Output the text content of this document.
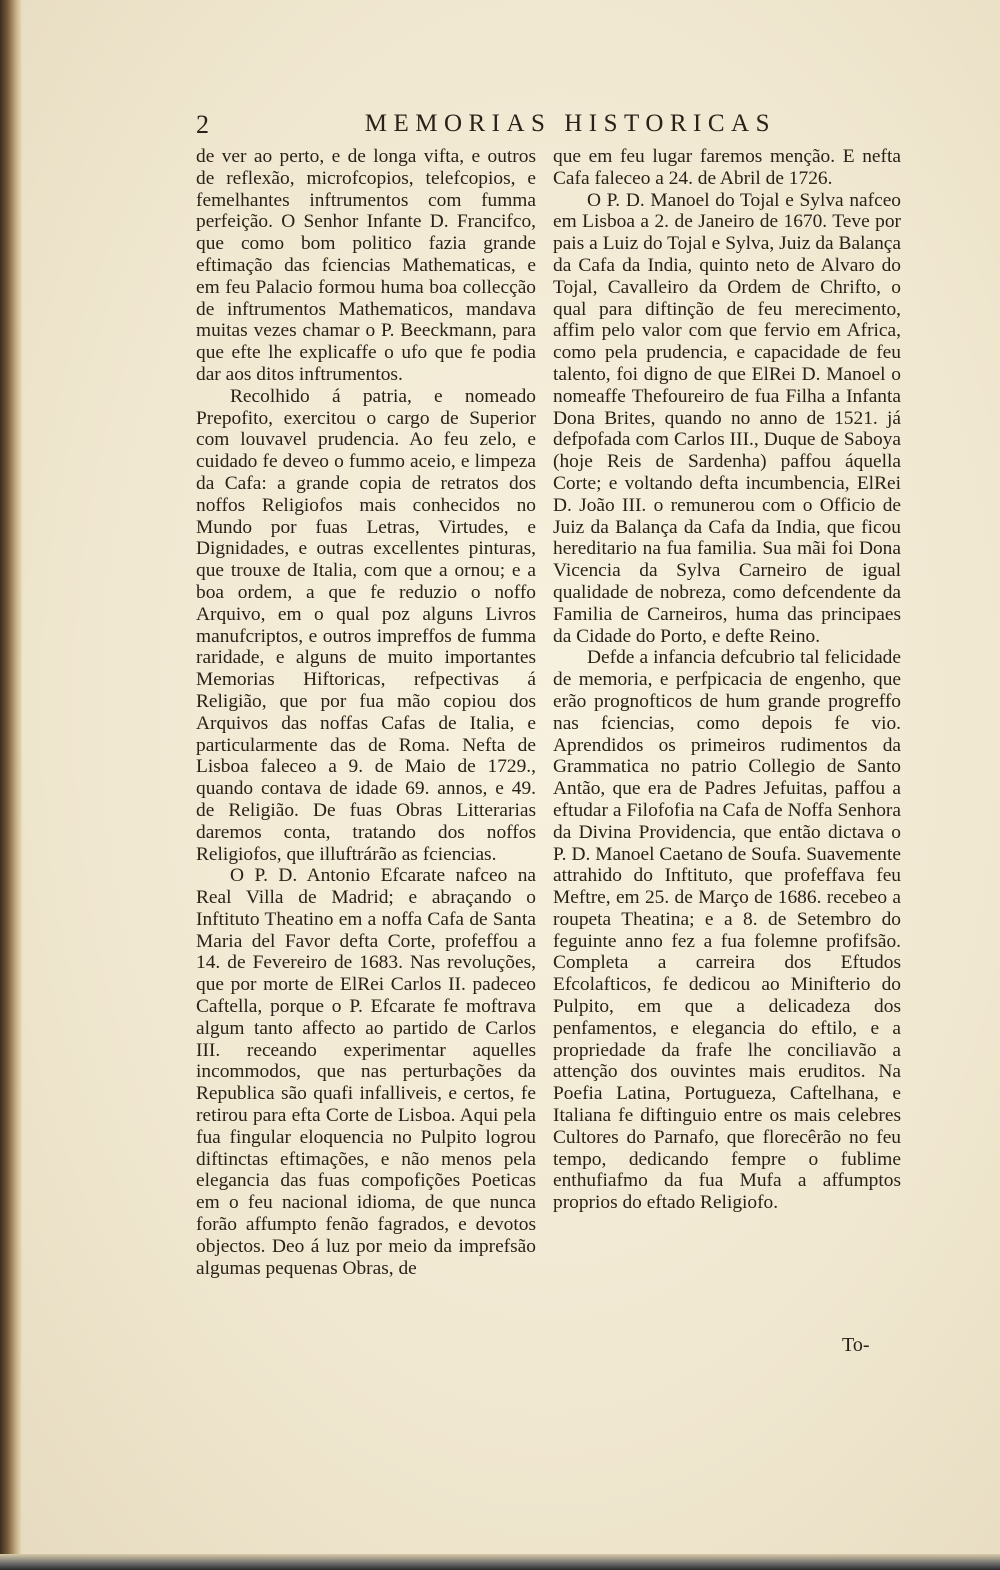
2	MEMORIAS HISTORICAS

de ver ao perto, e de longa vifta, e outros de reflexão, microfcopios, telefcopios, e femelhantes inftrumentos com fumma perfeição. O Senhor Infante D. Francifco, que como bom politico fazia grande eftimação das fciencias Mathematicas, e em feu Palacio formou huma boa collecção de inftrumentos Mathematicos, mandava muitas vezes chamar o P. Beeckmann, para que efte lhe explicaffe o ufo que fe podia dar aos ditos inftrumentos.

Recolhido á patria, e nomeado Prepofito, exercitou o cargo de Superior com louvavel prudencia. Ao feu zelo, e cuidado fe deveo o fummo aceio, e limpeza da Cafa: a grande copia de retratos dos noffos Religiofos mais conhecidos no Mundo por fuas Letras, Virtudes, e Dignidades, e outras excellentes pinturas, que trouxe de Italia, com que a ornou; e a boa ordem, a que fe reduzio o noffo Arquivo, em o qual poz alguns Livros manufcriptos, e outros impreffos de fumma raridade, e alguns de muito importantes Memorias Hiftoricas, refpectivas á Religião, que por fua mão copiou dos Arquivos das noffas Cafas de Italia, e particularmente das de Roma. Nefta de Lisboa faleceo a 9. de Maio de 1729., quando contava de idade 69. annos, e 49. de Religião. De fuas Obras Litterarias daremos conta, tratando dos noffos Religiofos, que illuftrárão as fciencias.

O P. D. Antonio Efcarate nafceo na Real Villa de Madrid; e abraçando o Inftituto Theatino em a noffa Cafa de Santa Maria del Favor defta Corte, profeffou a 14. de Fevereiro de 1683. Nas revoluções, que por morte de ElRei Carlos II. padeceo Caftella, porque o P. Efcarate fe moftrava algum tanto affecto ao partido de Carlos III. receando experimentar aquelles incommodos, que nas perturbações da Republica são quafi infalliveis, e certos, fe retirou para efta Corte de Lisboa. Aqui pela fua fingular eloquencia no Pulpito logrou diftinctas eftimações, e não menos pela elegancia das fuas compofições Poeticas em o feu nacional idioma, de que nunca forão affumpto fenão fagrados, e devotos objectos. Deo á luz por meio da imprefsão algumas pequenas Obras, de

que em feu lugar faremos menção. E nefta Cafa faleceo a 24. de Abril de 1726.

O P. D. Manoel do Tojal e Sylva nafceo em Lisboa a 2. de Janeiro de 1670. Teve por pais a Luiz do Tojal e Sylva, Juiz da Balança da Cafa da India, quinto neto de Alvaro do Tojal, Cavalleiro da Ordem de Chrifto, o qual para diftinção de feu merecimento, affim pelo valor com que fervio em Africa, como pela prudencia, e capacidade de feu talento, foi digno de que ElRei D. Manoel o nomeaffe Thefoureiro de fua Filha a Infanta Dona Brites, quando no anno de 1521. já defpofada com Carlos III., Duque de Saboya (hoje Reis de Sardenha) paffou áquella Corte; e voltando defta incumbencia, ElRei D. João III. o remunerou com o Officio de Juiz da Balança da Cafa da India, que ficou hereditario na fua familia. Sua mãi foi Dona Vicencia da Sylva Carneiro de igual qualidade de nobreza, como defcendente da Familia de Carneiros, huma das principaes da Cidade do Porto, e defte Reino.

Defde a infancia defcubrio tal felicidade de memoria, e perfpicacia de engenho, que erão prognofticos de hum grande progreffo nas fciencias, como depois fe vio. Aprendidos os primeiros rudimentos da Grammatica no patrio Collegio de Santo Antão, que era de Padres Jefuitas, paffou a eftudar a Filofofia na Cafa de Noffa Senhora da Divina Providencia, que então dictava o P. D. Manoel Caetano de Soufa. Suavemente attrahido do Inftituto, que profeffava feu Meftre, em 25. de Março de 1686. recebeo a roupeta Theatina; e a 8. de Setembro do feguinte anno fez a fua folemne profifsão. Completa a carreira dos Eftudos Efcolafticos, fe dedicou ao Minifterio do Pulpito, em que a delicadeza dos penfamentos, e elegancia do eftilo, e a propriedade da frafe lhe conciliavão a attenção dos ouvintes mais eruditos. Na Poefia Latina, Portugueza, Caftelhana, e Italiana fe diftinguio entre os mais celebres Cultores do Parnafo, que florecêrão no feu tempo, dedicando fempre o fublime enthufiafmo da fua Mufa a affumptos proprios do eftado Religiofo.

To-
